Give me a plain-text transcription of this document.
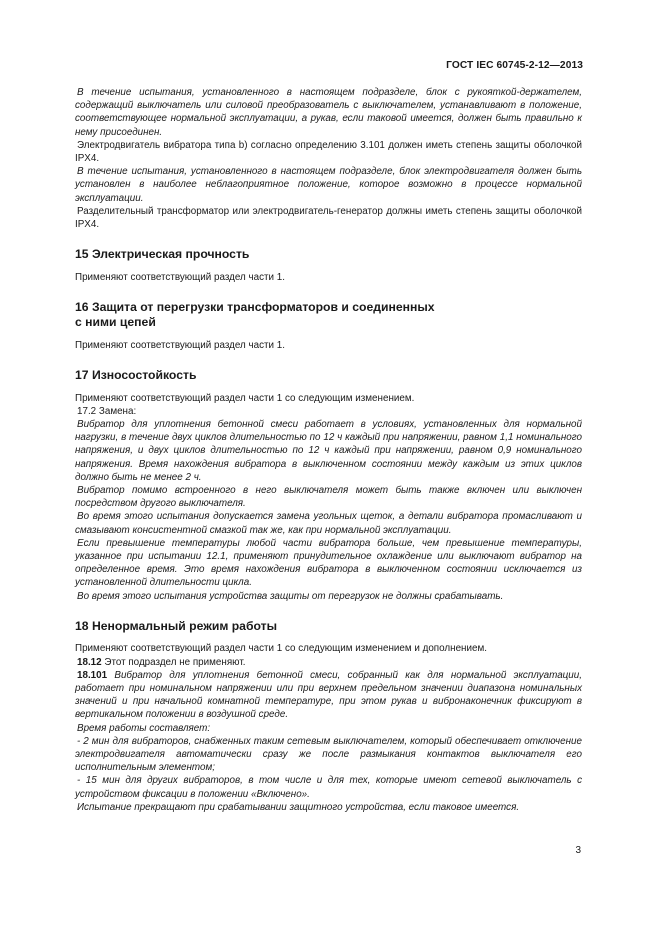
ГОСТ IEC 60745-2-12—2013

В течение испытания, установленного в настоящем подразделе, блок с рукояткой-держателем, содержащий выключатель или силовой преобразователь с выключателем, устанавливают в положение, соответствующее нормальной эксплуатации, а рукав, если таковой имеется, должен быть правильно к нему присоединен.

Электродвигатель вибратора типа b) согласно определению 3.101 должен иметь степень защиты оболочкой IPX4.

В течение испытания, установленного в настоящем подразделе, блок электродвигателя должен быть установлен в наиболее неблагоприятное положение, которое возможно в процессе нормальной эксплуатации.

Разделительный трансформатор или электродвигатель-генератор должны иметь степень защиты оболочкой IPX4.

15 Электрическая прочность

Применяют соответствующий раздел части 1.

16 Защита от перегрузки трансформаторов и соединенных
с ними цепей

Применяют соответствующий раздел части 1.

17 Износостойкость

Применяют соответствующий раздел части 1 со следующим изменением.

17.2 Замена:

Вибратор для уплотнения бетонной смеси работает в условиях, установленных для нормальной нагрузки, в течение двух циклов длительностью по 12 ч каждый при напряжении, равном 1,1 номинального напряжения, и двух циклов длительностью по 12 ч каждый при напряжении, равном 0,9 номинального напряжения. Время нахождения вибратора в выключенном состоянии между каждым из этих циклов должно быть не менее 2 ч.

Вибратор помимо встроенного в него выключателя может быть также включен или выключен посредством другого выключателя.

Во время этого испытания допускается замена угольных щеток, а детали вибратора промасливают и смазывают консистентной смазкой так же, как при нормальной эксплуатации.

Если превышение температуры любой части вибратора больше, чем превышение температуры, указанное при испытании 12.1, применяют принудительное охлаждение или выключают вибратор на определенное время. Это время нахождения вибратора в выключенном состоянии исключается из установленной длительности цикла.

Во время этого испытания устройства защиты от перегрузок не должны срабатывать.

18 Ненормальный режим работы

Применяют соответствующий раздел части 1 со следующим изменением и дополнением.

18.12 Этот подраздел не применяют.

18.101 Вибратор для уплотнения бетонной смеси, собранный как для нормальной эксплуатации, работает при номинальном напряжении или при верхнем предельном значении диапазона номинальных значений и при начальной комнатной температуре, при этом рукав и вибронаконечник фиксируют в вертикальном положении в воздушной среде.

Время работы составляет:

- 2 мин для вибраторов, снабженных таким сетевым выключателем, который обеспечивает отключение электродвигателя автоматически сразу же после размыкания контактов выключателя его исполнительным элементом;

- 15 мин для других вибраторов, в том числе и для тех, которые имеют сетевой выключатель с устройством фиксации в положении «Включено».

Испытание прекращают при срабатывании защитного устройства, если таковое имеется.

3
